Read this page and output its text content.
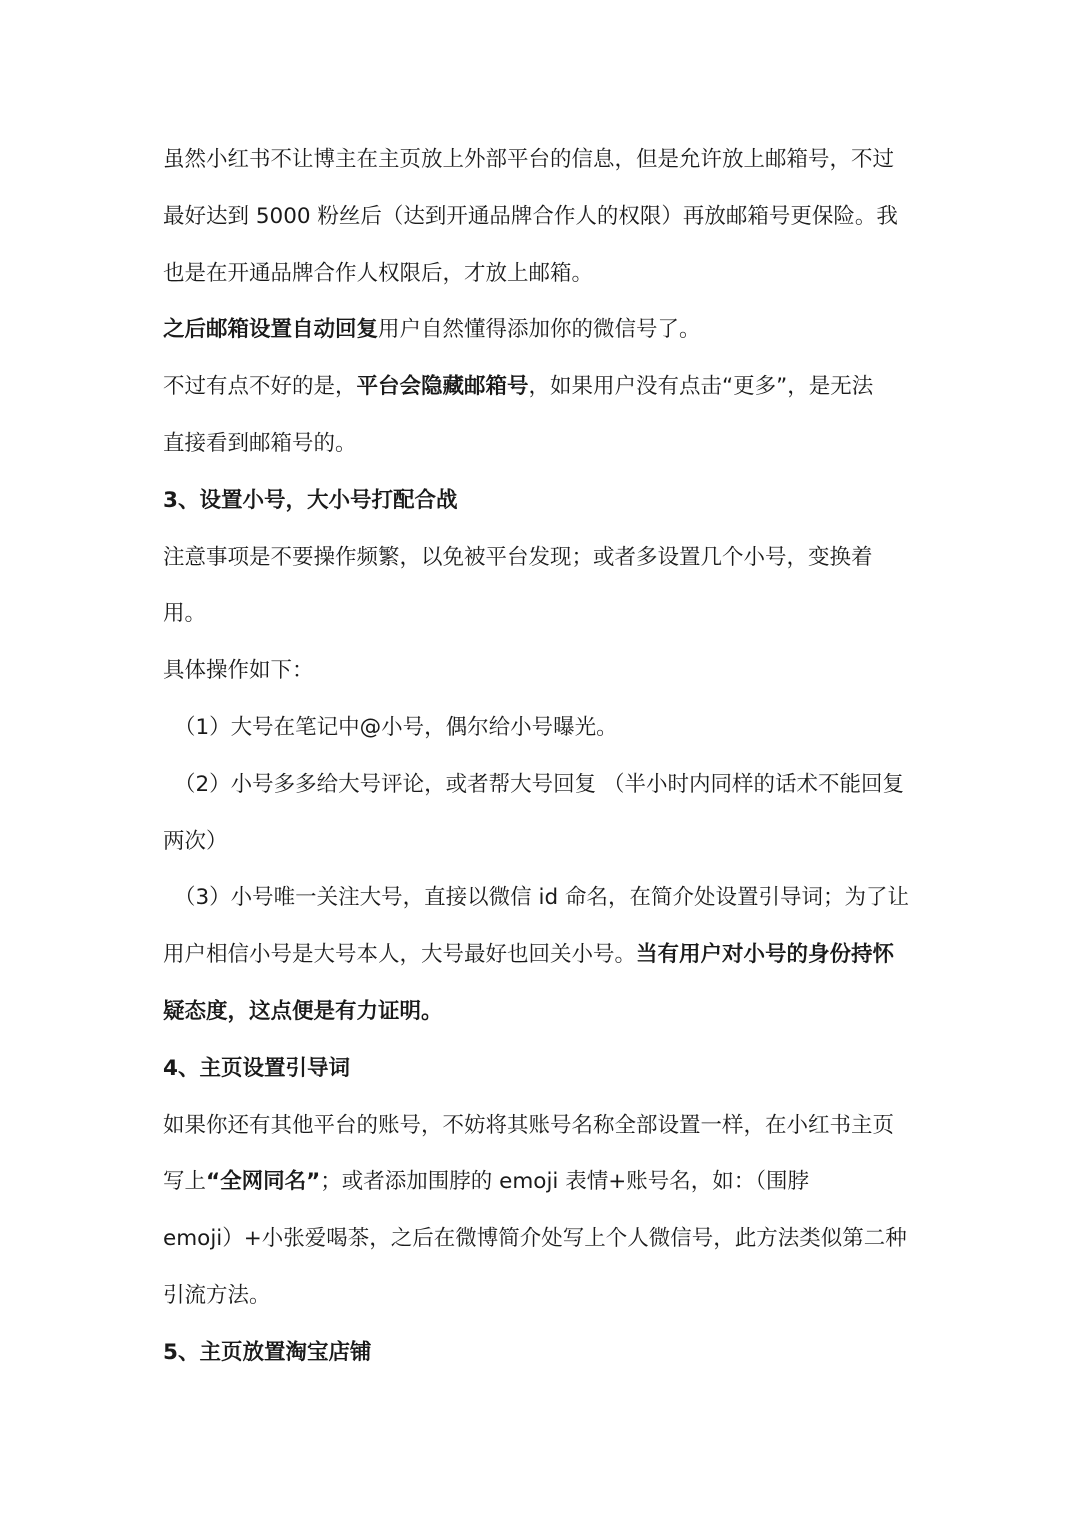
虽然小红书不让博主在主页放上外部平台的信息，但是允许放上邮箱号，不过
最好达到 5000 粉丝后（达到开通品牌合作人的权限）再放邮箱号更保险。我
也是在开通品牌合作人权限后，才放上邮箱。
之后邮箱设置自动回复用户自然懂得添加你的微信号了。
不过有点不好的是，平台会隐藏邮箱号，如果用户没有点击“更多”，是无法
直接看到邮箱号的。
3、设置小号，大小号打配合战
注意事项是不要操作频繁，以免被平台发现；或者多设置几个小号，变换着
用。
具体操作如下：
（1）大号在笔记中@小号，偶尔给小号曝光。
（2）小号多多给大号评论，或者帮大号回复 （半小时内同样的话术不能回复
两次）
（3）小号唯一关注大号，直接以微信 id 命名，在简介处设置引导词；为了让
用户相信小号是大号本人，大号最好也回关小号。当有用户对小号的身份持怀
疑态度，这点便是有力证明。
4、主页设置引导词
如果你还有其他平台的账号，不妨将其账号名称全部设置一样，在小红书主页
写上“全网同名”；或者添加围脖的 emoji 表情+账号名，如：（围脖
emoji）+小张爱喝茶，之后在微博简介处写上个人微信号，此方法类似第二种
引流方法。
5、主页放置淘宝店铺
